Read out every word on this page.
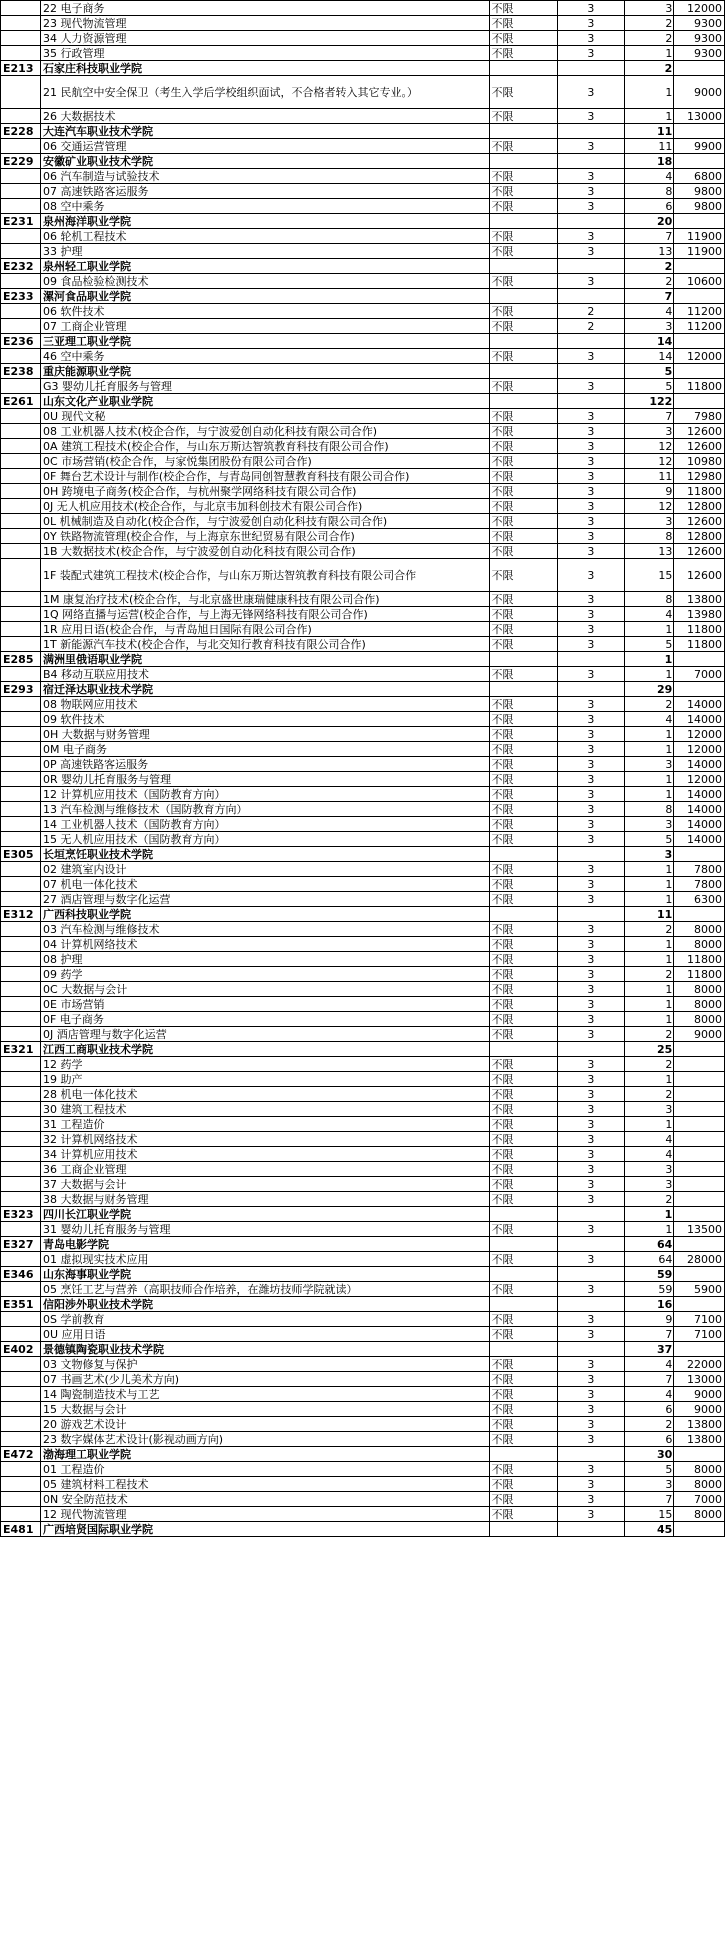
	22 电子商务	不限	3	3	12000
	23 现代物流管理	不限	3	2	9300
	34 人力资源管理	不限	3	2	9300
	35 行政管理	不限	3	1	9300
E213	石家庄科技职业学院			2	
	21 民航空中安全保卫（考生入学后学校组织面试，不合格者转入其它专业。）	不限	3	1	9000
	26 大数据技术	不限	3	1	13000
E228	大连汽车职业技术学院			11	
	06 交通运营管理	不限	3	11	9900
E229	安徽矿业职业技术学院			18	
	06 汽车制造与试验技术	不限	3	4	6800
	07 高速铁路客运服务	不限	3	8	9800
	08 空中乘务	不限	3	6	9800
E231	泉州海洋职业学院			20	
	06 轮机工程技术	不限	3	7	11900
	33 护理	不限	3	13	11900
E232	泉州轻工职业学院			2	
	09 食品检验检测技术	不限	3	2	10600
E233	漯河食品职业学院			7	
	06 软件技术	不限	2	4	11200
	07 工商企业管理	不限	2	3	11200
E236	三亚理工职业学院			14	
	46 空中乘务	不限	3	14	12000
E238	重庆能源职业学院			5	
	G3 婴幼儿托育服务与管理	不限	3	5	11800
E261	山东文化产业职业学院			122	
	0U 现代文秘	不限	3	7	7980
	08 工业机器人技术(校企合作，与宁波爱创自动化科技有限公司合作)	不限	3	3	12600
	0A 建筑工程技术(校企合作，与山东万斯达智筑教育科技有限公司合作)	不限	3	12	12600
	0C 市场营销(校企合作，与家悦集团股份有限公司合作)	不限	3	12	10980
	0F 舞台艺术设计与制作(校企合作，与青岛同创智慧教育科技有限公司合作)	不限	3	11	12980
	0H 跨境电子商务(校企合作，与杭州聚学网络科技有限公司合作)	不限	3	9	11800
	0J 无人机应用技术(校企合作，与北京韦加科创技术有限公司合作)	不限	3	12	12800
	0L 机械制造及自动化(校企合作，与宁波爱创自动化科技有限公司合作)	不限	3	3	12600
	0Y 铁路物流管理(校企合作，与上海京东世纪贸易有限公司合作)	不限	3	8	12800
	1B 大数据技术(校企合作，与宁波爱创自动化科技有限公司合作)	不限	3	13	12600
	1F 装配式建筑工程技术(校企合作，与山东万斯达智筑教育科技有限公司合作	不限	3	15	12600
	1M 康复治疗技术(校企合作，与北京盛世康瑞健康科技有限公司合作)	不限	3	8	13800
	1Q 网络直播与运营(校企合作，与上海无锋网络科技有限公司合作)	不限	3	4	13980
	1R 应用日语(校企合作，与青岛旭日国际有限公司合作)	不限	3	1	11800
	1T 新能源汽车技术(校企合作，与北交知行教育科技有限公司合作)	不限	3	5	11800
E285	满洲里俄语职业学院			1	
	B4 移动互联应用技术	不限	3	1	7000
E293	宿迁泽达职业技术学院			29	
	08 物联网应用技术	不限	3	2	14000
	09 软件技术	不限	3	4	14000
	0H 大数据与财务管理	不限	3	1	12000
	0M 电子商务	不限	3	1	12000
	0P 高速铁路客运服务	不限	3	3	14000
	0R 婴幼儿托育服务与管理	不限	3	1	12000
	12 计算机应用技术（国防教育方向）	不限	3	1	14000
	13 汽车检测与维修技术（国防教育方向）	不限	3	8	14000
	14 工业机器人技术（国防教育方向）	不限	3	3	14000
	15 无人机应用技术（国防教育方向）	不限	3	5	14000
E305	长垣烹饪职业技术学院			3	
	02 建筑室内设计	不限	3	1	7800
	07 机电一体化技术	不限	3	1	7800
	27 酒店管理与数字化运营	不限	3	1	6300
E312	广西科技职业学院			11	
	03 汽车检测与维修技术	不限	3	2	8000
	04 计算机网络技术	不限	3	1	8000
	08 护理	不限	3	1	11800
	09 药学	不限	3	2	11800
	0C 大数据与会计	不限	3	1	8000
	0E 市场营销	不限	3	1	8000
	0F 电子商务	不限	3	1	8000
	0J 酒店管理与数字化运营	不限	3	2	9000
E321	江西工商职业技术学院			25	
	12 药学	不限	3	2	
	19 助产	不限	3	1	
	28 机电一体化技术	不限	3	2	
	30 建筑工程技术	不限	3	3	
	31 工程造价	不限	3	1	
	32 计算机网络技术	不限	3	4	
	34 计算机应用技术	不限	3	4	
	36 工商企业管理	不限	3	3	
	37 大数据与会计	不限	3	3	
	38 大数据与财务管理	不限	3	2	
E323	四川长江职业学院			1	
	31 婴幼儿托育服务与管理	不限	3	1	13500
E327	青岛电影学院			64	
	01 虚拟现实技术应用	不限	3	64	28000
E346	山东海事职业学院			59	
	05 烹饪工艺与营养（高职技师合作培养，在潍坊技师学院就读）	不限	3	59	5900
E351	信阳涉外职业技术学院			16	
	0S 学前教育	不限	3	9	7100
	0U 应用日语	不限	3	7	7100
E402	景德镇陶瓷职业技术学院			37	
	03 文物修复与保护	不限	3	4	22000
	07 书画艺术(少儿美术方向)	不限	3	7	13000
	14 陶瓷制造技术与工艺	不限	3	4	9000
	15 大数据与会计	不限	3	6	9000
	20 游戏艺术设计	不限	3	2	13800
	23 数字媒体艺术设计(影视动画方向)	不限	3	6	13800
E472	渤海理工职业学院			30	
	01 工程造价	不限	3	5	8000
	05 建筑材料工程技术	不限	3	3	8000
	0N 安全防范技术	不限	3	7	7000
	12 现代物流管理	不限	3	15	8000
E481	广西培贤国际职业学院			45	
